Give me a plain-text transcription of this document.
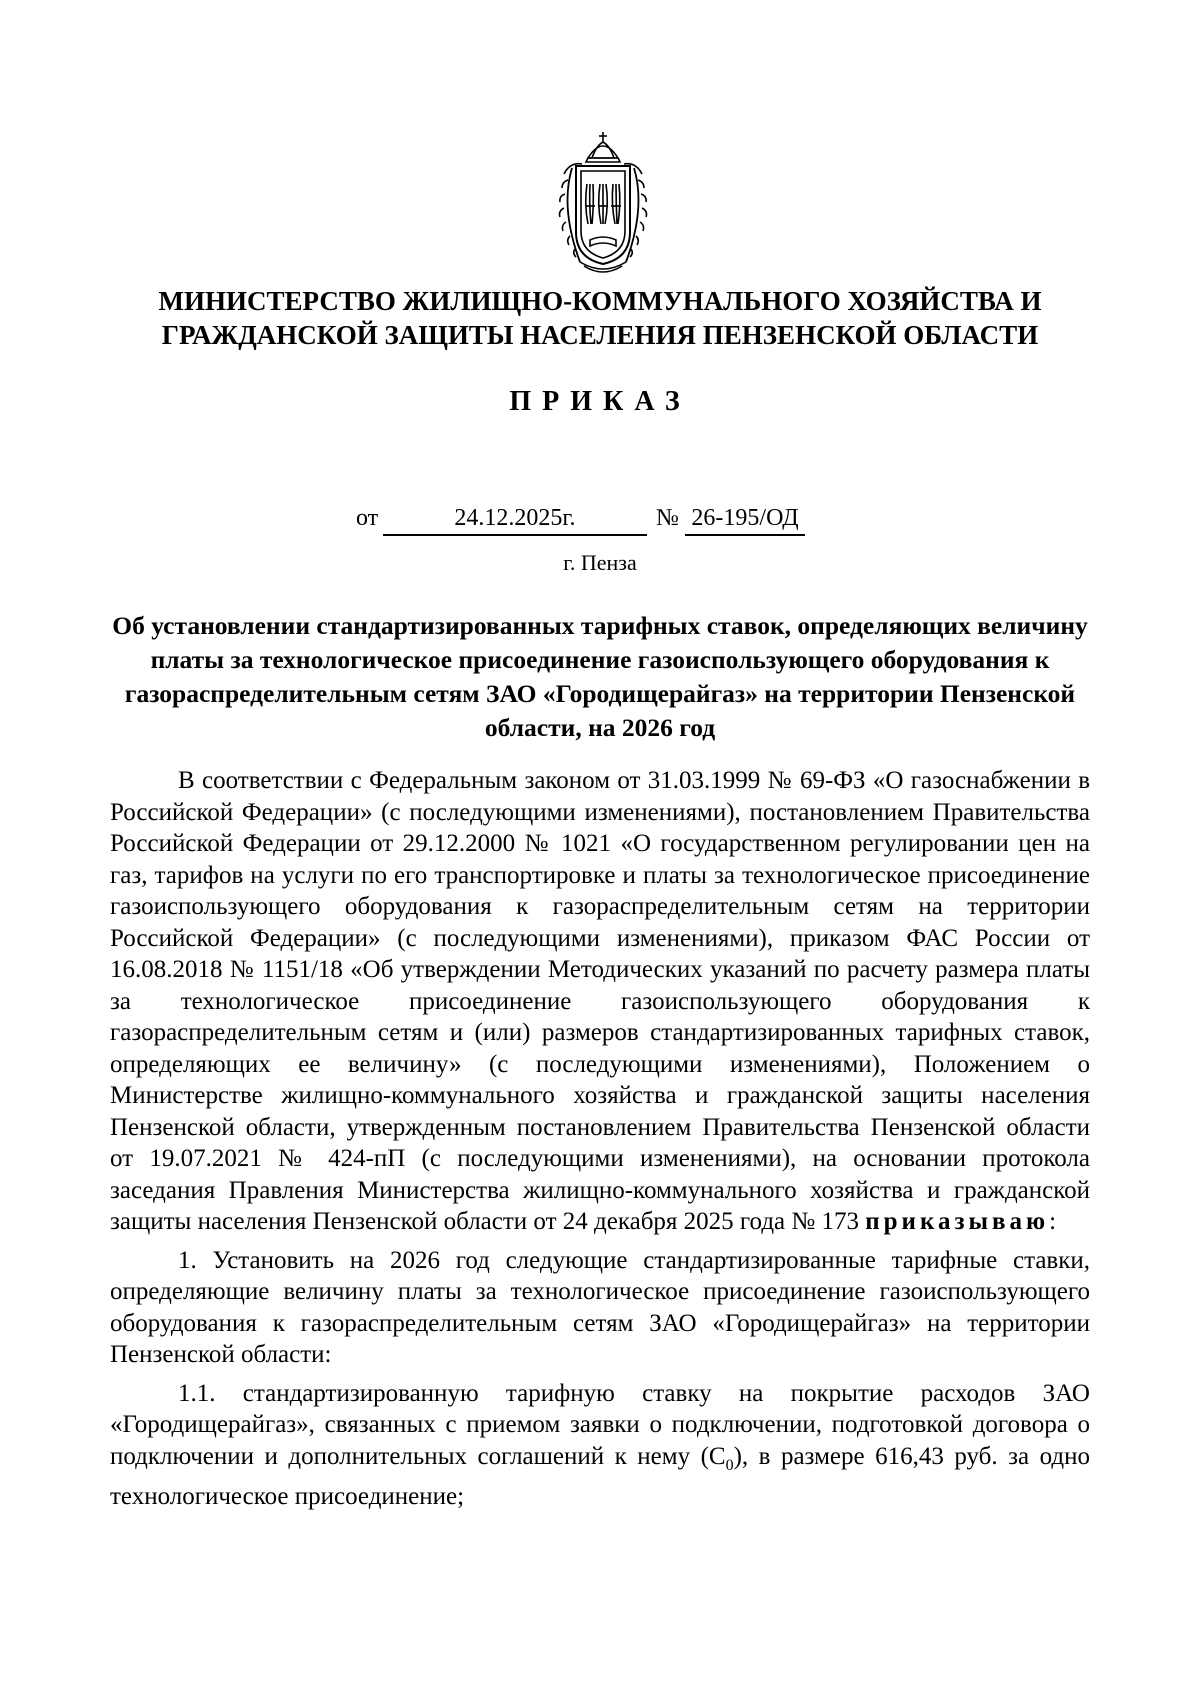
МИНИСТЕРСТВО ЖИЛИЩНО-КОММУНАЛЬНОГО ХОЗЯЙСТВА И
ГРАЖДАНСКОЙ ЗАЩИТЫ НАСЕЛЕНИЯ ПЕНЗЕНСКОЙ ОБЛАСТИ
ПРИКАЗ
от	24.12.2025г.	№ 26-195/ОД
г. Пенза
Об установлении стандартизированных тарифных ставок, определяющих величину платы за технологическое присоединение газоиспользующего оборудования к газораспределительным сетям ЗАО «Городищерайгаз» на территории Пензенской области, на 2026 год

В соответствии с Федеральным законом от 31.03.1999 № 69-ФЗ «О газоснабжении в Российской Федерации» (с последующими изменениями), постановлением Правительства Российской Федерации от 29.12.2000 № 1021 «О государственном регулировании цен на газ, тарифов на услуги по его транспортировке и платы за технологическое присоединение газоиспользующего оборудования к газораспределительным сетям на территории Российской Федерации» (с последующими изменениями), приказом ФАС России от 16.08.2018 № 1151/18 «Об утверждении Методических указаний по расчету размера платы за технологическое присоединение газоиспользующего оборудования к газораспределительным сетям и (или) размеров стандартизированных тарифных ставок, определяющих ее величину» (с последующими изменениями), Положением о Министерстве жилищно-коммунального хозяйства и гражданской защиты населения Пензенской области, утвержденным постановлением Правительства Пензенской области от 19.07.2021 № 424-пП (с последующими изменениями), на основании протокола заседания Правления Министерства жилищно-коммунального хозяйства и гражданской защиты населения Пензенской области от 24 декабря 2025 года № 173 приказываю:

1. Установить на 2026 год следующие стандартизированные тарифные ставки, определяющие величину платы за технологическое присоединение газоиспользующего оборудования к газораспределительным сетям ЗАО «Городищерайгаз» на территории Пензенской области:

1.1. стандартизированную тарифную ставку на покрытие расходов ЗАО «Городищерайгаз», связанных с приемом заявки о подключении, подготовкой договора о подключении и дополнительных соглашений к нему $(С_0)$, в размере 616,43 руб. за одно технологическое присоединение;
